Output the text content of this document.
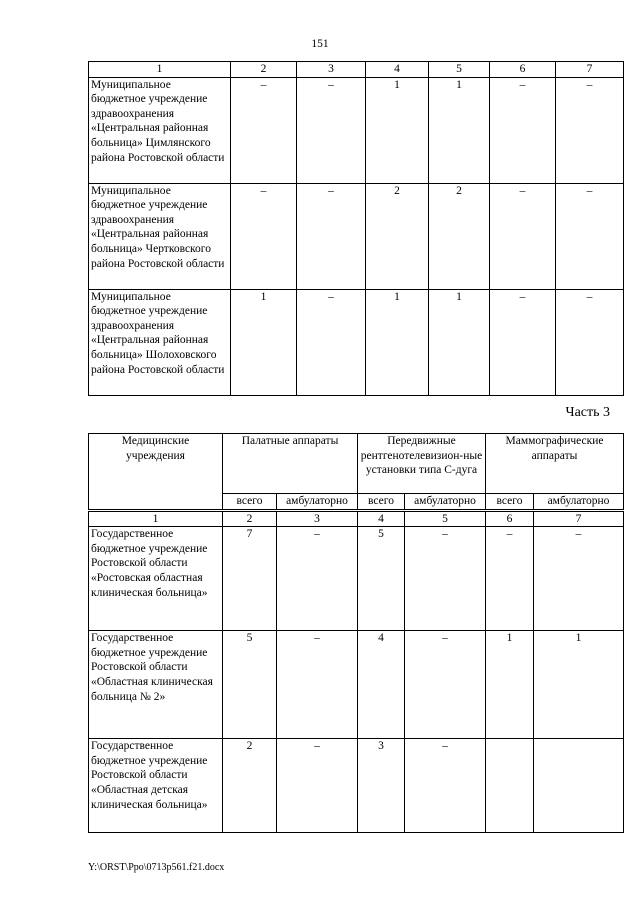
151
1	2	3	4	5	6	7
Муниципальное бюджетное учреждение здравоохранения «Центральная районная больница» Цимлянского района Ростовской области	–	–	1	1	–	–
Муниципальное бюджетное учреждение здравоохранения «Центральная районная больница» Чертковского района Ростовской области	–	–	2	2	–	–
Муниципальное бюджетное учреждение здравоохранения «Центральная районная больница» Шолоховского района Ростовской области	1	–	1	1	–	–
Часть 3
Медицинские учреждения	Палатные аппараты		Передвижные рентгенотелевизион-ные установки типа С-дуга		Маммографические аппараты	
	всего	амбулаторно	всего	амбулаторно	всего	амбулаторно
1	2	3	4	5	6	7
Государственное бюджетное учреждение Ростовской области «Ростовская областная клиническая больница»	7	–	5	–	–	–
Государственное бюджетное учреждение Ростовской области «Областная клиническая больница № 2»	5	–	4	–	1	1
Государственное бюджетное учреждение Ростовской области «Областная детская клиническая больница»	2	–	3	–		
Y:\ORST\Ppo\0713p561.f21.docx
